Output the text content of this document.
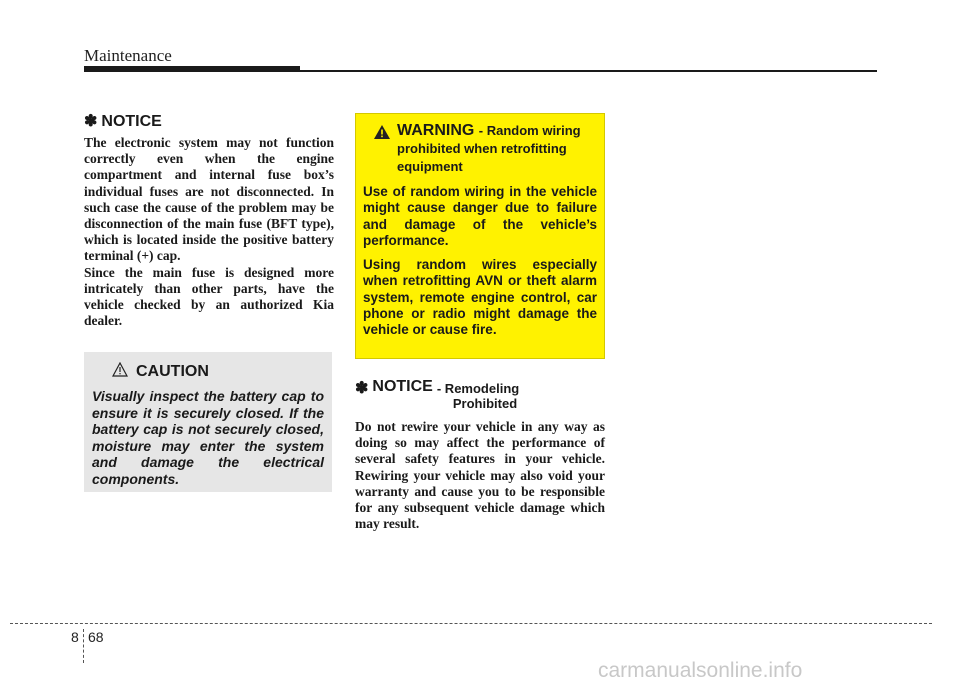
Maintenance
✽ NOTICE

The electronic system may not function correctly even when the engine compartment and internal fuse box’s individual fuses are not disconnected. In such case the cause of the problem may be disconnection of the main fuse (BFT type), which is located inside the positive battery terminal (+) cap.

Since the main fuse is designed more intricately than other parts, have the vehicle checked by an authorized Kia dealer.

CAUTION

Visually inspect the battery cap to ensure it is securely closed. If the battery cap is not securely closed, moisture may enter the system and damage the electrical components.

WARNING - Random wiring prohibited when retrofitting equipment

Use of random wiring in the vehicle might cause danger due to failure and damage of the vehicle’s performance.

Using random wires especially when retrofitting AVN or theft alarm system, remote engine control, car phone or radio might damage the vehicle or cause fire.

✽ NOTICE - Remodeling
Prohibited

Do not rewire your vehicle in any way as doing so may affect the performance of several safety features in your vehicle. Rewiring your vehicle may also void your warranty and cause you to be responsible for any subsequent vehicle damage which may result.

8 68
carmanualsonline.info
